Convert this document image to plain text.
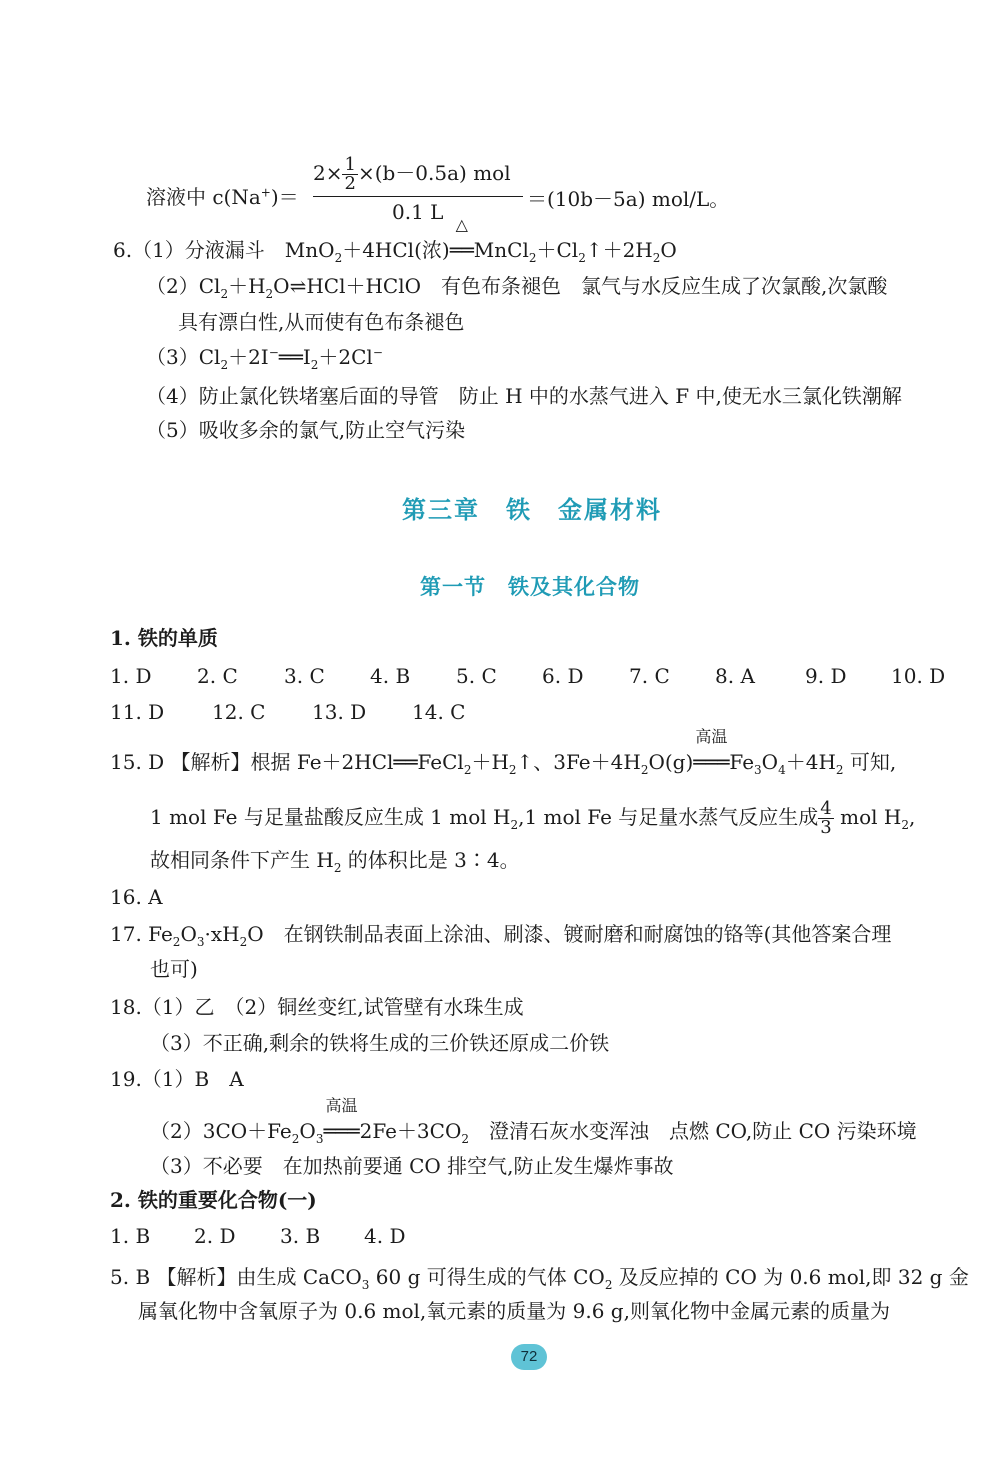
$2\times \frac{1}{2} \times(b-0.5a)$ mol
0.1 L
溶液中 c(Na+)＝	＝(10b－5a) mol/L。
6.（1）分液漏斗　MnO$_2$＋4HCl(浓)
△
$══MnCl_2+Cl_2↑+2H_2O$
$(2)Cl_2+H_2O\rightleftharpoons HCl+HClO$　有色布条褪色　氯气与水反应生成了次氯酸,次氯酸
具有漂白性,从而使有色布条褪色
$(3)Cl_2+2I^-══I_2+2Cl^-$
（4）防止氯化铁堵塞后面的导管　防止 H 中的水蒸气进入 F 中,使无水三氯化铁潮解
（5）吸收多余的氯气,防止空气污染
第三章　铁　金属材料
第一节　铁及其化合物
1. 铁的单质
1. D 2. C 3. C 4. B 5. C 6. D 7. C 8. A	9. D 10. D
11. D 12. C 13. D 14. C
15. D 【解析】根据 $Fe+2HCl══FeCl_2+H_2↑$、$3Fe+4H_2O(g)$
高温
$═══Fe_3O_4+4H_2$ 可知,
1 mol Fe 与足量盐酸反应生成 1 mol $H_2,1$ mol Fe 与足量水蒸气反应生成 $\frac{4}{3}$ mol $H_2$,
故相同条件下产生 $H_2$ 的体积比是 3∶4。
16. A
17. $Fe_2O_3\cdot xH_2O$　在钢铁制品表面上涂油、刷漆、镀耐磨和耐腐蚀的铬等(其他答案合理
也可)
18.（1）乙　（2）铜丝变红,试管壁有水珠生成
（3）不正确,剩余的铁将生成的三价铁还原成二价铁
19.（1）B　A
$(2)3CO+Fe_2O_3$
高温
$═══2Fe+3CO_2$　澄清石灰水变浑浊　点燃 CO,防止 CO 污染环境
（3）不必要　在加热前要通 CO 排空气,防止发生爆炸事故
2. 铁的重要化合物(一)
1. B 2. D 3. B 4. D
5. B 【解析】由生成 CaCO$_3$ 60 g 可得生成的气体 $CO_2$ 及反应掉的 CO 为 0.6 mol,即 32 g 金
属氧化物中含氧原子为 0.6 mol,氧元素的质量为 9.6 g,则氧化物中金属元素的质量为
72
